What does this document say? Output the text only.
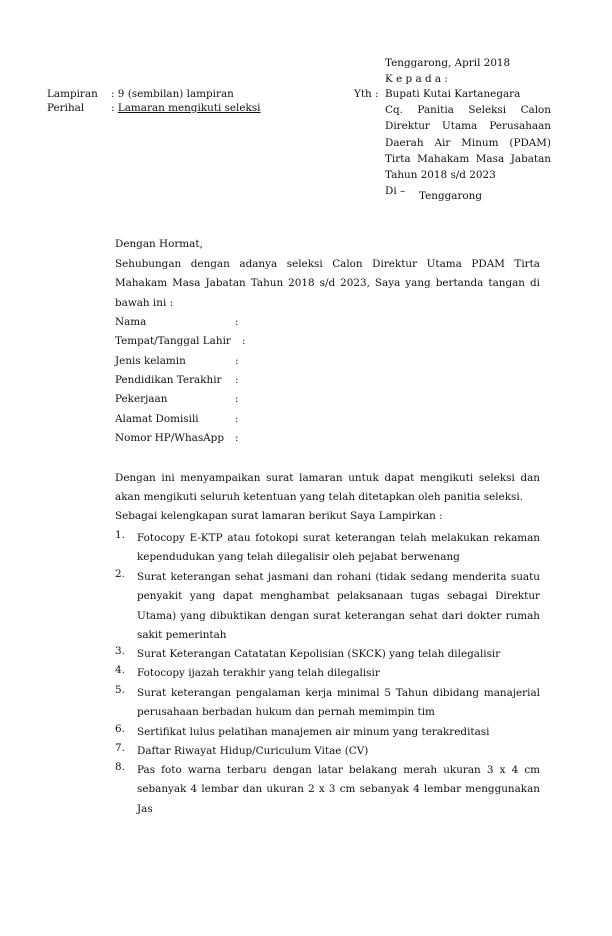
Tenggarong, April 2018
K e p a d a :
Yth : Bupati Kutai Kartanegara
Cq. Panitia Seleksi Calon
Direktur Utama Perusahaan
Daerah Air Minum (PDAM)
Tirta Mahakam Masa Jabatan
Tahun 2018 s/d 2023
Di –	Tenggarong
Lampiran : 9 (sembilan) lampiran
Perihal	: Lamaran mengikuti seleksi
Dengan Hormat,
Sehubungan dengan adanya seleksi Calon Direktur Utama PDAM Tirta Mahakam Masa Jabatan Tahun 2018 s/d 2023, Saya yang bertanda tangan di bawah ini :
Nama	:
Tempat/Tanggal Lahir :
Jenis kelamin	:
Pendidikan Terakhir :
Pekerjaan	:
Alamat Domisili	:
Nomor HP/WhasApp :
Dengan ini menyampaikan surat lamaran untuk dapat mengikuti seleksi dan akan mengikuti seluruh ketentuan yang telah ditetapkan oleh panitia seleksi.
Sebagai kelengkapan surat lamaran berikut Saya Lampirkan :
1. Fotocopy E-KTP atau fotokopi surat keterangan telah melakukan rekaman kependudukan yang telah dilegalisir oleh pejabat berwenang
2. Surat keterangan sehat jasmani dan rohani (tidak sedang menderita suatu penyakit yang dapat menghambat pelaksanaan tugas sebagai Direktur Utama) yang dibuktikan dengan surat keterangan sehat dari dokter rumah sakit pemerintah
3. Surat Keterangan Catatatan Kepolisian (SKCK) yang telah dilegalisir
4. Fotocopy ijazah terakhir yang telah dilegalisir
5. Surat keterangan pengalaman kerja minimal 5 Tahun dibidang manajerial perusahaan berbadan hukum dan pernah memimpin tim
6. Sertifikat lulus pelatihan manajemen air minum yang terakreditasi
7. Daftar Riwayat Hidup/Curiculum Vitae (CV)
8. Pas foto warna terbaru dengan latar belakang merah ukuran 3 x 4 cm sebanyak 4 lembar dan ukuran 2 x 3 cm sebanyak 4 lembar menggunakan Jas
